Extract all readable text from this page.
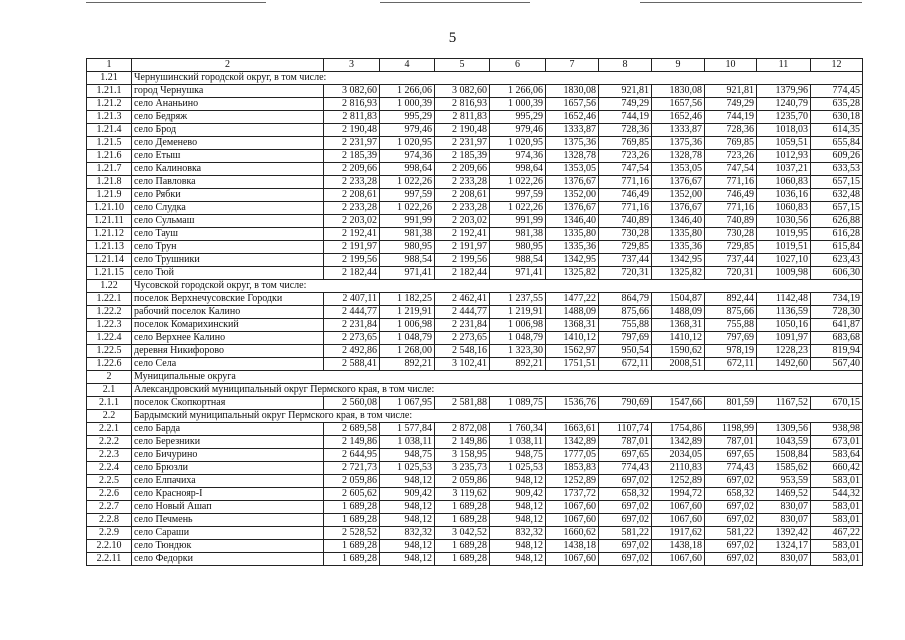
5
1	2	3	4	5	6	7	8	9	10	11	12
1.21	Чернушинский городской округ, в том числе:										
1.21.1	город Чернушка	3 082,60	1 266,06	3 082,60	1 266,06	1830,08	921,81	1830,08	921,81	1379,96	774,45
1.21.2	село Ананьино	2 816,93	1 000,39	2 816,93	1 000,39	1657,56	749,29	1657,56	749,29	1240,79	635,28
1.21.3	село Бедряж	2 811,83	995,29	2 811,83	995,29	1652,46	744,19	1652,46	744,19	1235,70	630,18
1.21.4	село Брод	2 190,48	979,46	2 190,48	979,46	1333,87	728,36	1333,87	728,36	1018,03	614,35
1.21.5	село Деменево	2 231,97	1 020,95	2 231,97	1 020,95	1375,36	769,85	1375,36	769,85	1059,51	655,84
1.21.6	село Етыш	2 185,39	974,36	2 185,39	974,36	1328,78	723,26	1328,78	723,26	1012,93	609,26
1.21.7	село Калиновка	2 209,66	998,64	2 209,66	998,64	1353,05	747,54	1353,05	747,54	1037,21	633,53
1.21.8	село Павловка	2 233,28	1 022,26	2 233,28	1 022,26	1376,67	771,16	1376,67	771,16	1060,83	657,15
1.21.9	село Рябки	2 208,61	997,59	2 208,61	997,59	1352,00	746,49	1352,00	746,49	1036,16	632,48
1.21.10	село Слудка	2 233,28	1 022,26	2 233,28	1 022,26	1376,67	771,16	1376,67	771,16	1060,83	657,15
1.21.11	село Сульмаш	2 203,02	991,99	2 203,02	991,99	1346,40	740,89	1346,40	740,89	1030,56	626,88
1.21.12	село Тауш	2 192,41	981,38	2 192,41	981,38	1335,80	730,28	1335,80	730,28	1019,95	616,28
1.21.13	село Трун	2 191,97	980,95	2 191,97	980,95	1335,36	729,85	1335,36	729,85	1019,51	615,84
1.21.14	село Трушники	2 199,56	988,54	2 199,56	988,54	1342,95	737,44	1342,95	737,44	1027,10	623,43
1.21.15	село Тюй	2 182,44	971,41	2 182,44	971,41	1325,82	720,31	1325,82	720,31	1009,98	606,30
1.22	Чусовской городской округ, в том числе:										
1.22.1	поселок Верхнечусовские Городки	2 407,11	1 182,25	2 462,41	1 237,55	1477,22	864,79	1504,87	892,44	1142,48	734,19
1.22.2	рабочий поселок Калино	2 444,77	1 219,91	2 444,77	1 219,91	1488,09	875,66	1488,09	875,66	1136,59	728,30
1.22.3	поселок Комарихинский	2 231,84	1 006,98	2 231,84	1 006,98	1368,31	755,88	1368,31	755,88	1050,16	641,87
1.22.4	село Верхнее Калино	2 273,65	1 048,79	2 273,65	1 048,79	1410,12	797,69	1410,12	797,69	1091,97	683,68
1.22.5	деревня Никифорово	2 492,86	1 268,00	2 548,16	1 323,30	1562,97	950,54	1590,62	978,19	1228,23	819,94
1.22.6	село Села	2 588,41	892,21	3 102,41	892,21	1751,51	672,11	2008,51	672,11	1492,60	567,40
2	Муниципальные округа										
2.1	Александровский муниципальный округ Пермского края, в том числе:										
2.1.1	поселок Скопкортная	2 560,08	1 067,95	2 581,88	1 089,75	1536,76	790,69	1547,66	801,59	1167,52	670,15
2.2	Бардымский муниципальный округ Пермского края, в том числе:										
2.2.1	село Барда	2 689,58	1 577,84	2 872,08	1 760,34	1663,61	1107,74	1754,86	1198,99	1309,56	938,98
2.2.2	село Березники	2 149,86	1 038,11	2 149,86	1 038,11	1342,89	787,01	1342,89	787,01	1043,59	673,01
2.2.3	село Бичурино	2 644,95	948,75	3 158,95	948,75	1777,05	697,65	2034,05	697,65	1508,84	583,64
2.2.4	село Брюзли	2 721,73	1 025,53	3 235,73	1 025,53	1853,83	774,43	2110,83	774,43	1585,62	660,42
2.2.5	село Елпачиха	2 059,86	948,12	2 059,86	948,12	1252,89	697,02	1252,89	697,02	953,59	583,01
2.2.6	село Краснояр-I	2 605,62	909,42	3 119,62	909,42	1737,72	658,32	1994,72	658,32	1469,52	544,32
2.2.7	село Новый Ашап	1 689,28	948,12	1 689,28	948,12	1067,60	697,02	1067,60	697,02	830,07	583,01
2.2.8	село Печмень	1 689,28	948,12	1 689,28	948,12	1067,60	697,02	1067,60	697,02	830,07	583,01
2.2.9	село Сараши	2 528,52	832,32	3 042,52	832,32	1660,62	581,22	1917,62	581,22	1392,42	467,22
2.2.10	село Тюндюк	1 689,28	948,12	1 689,28	948,12	1438,18	697,02	1438,18	697,02	1324,17	583,01
2.2.11	село Федорки	1 689,28	948,12	1 689,28	948,12	1067,60	697,02	1067,60	697,02	830,07	583,01
